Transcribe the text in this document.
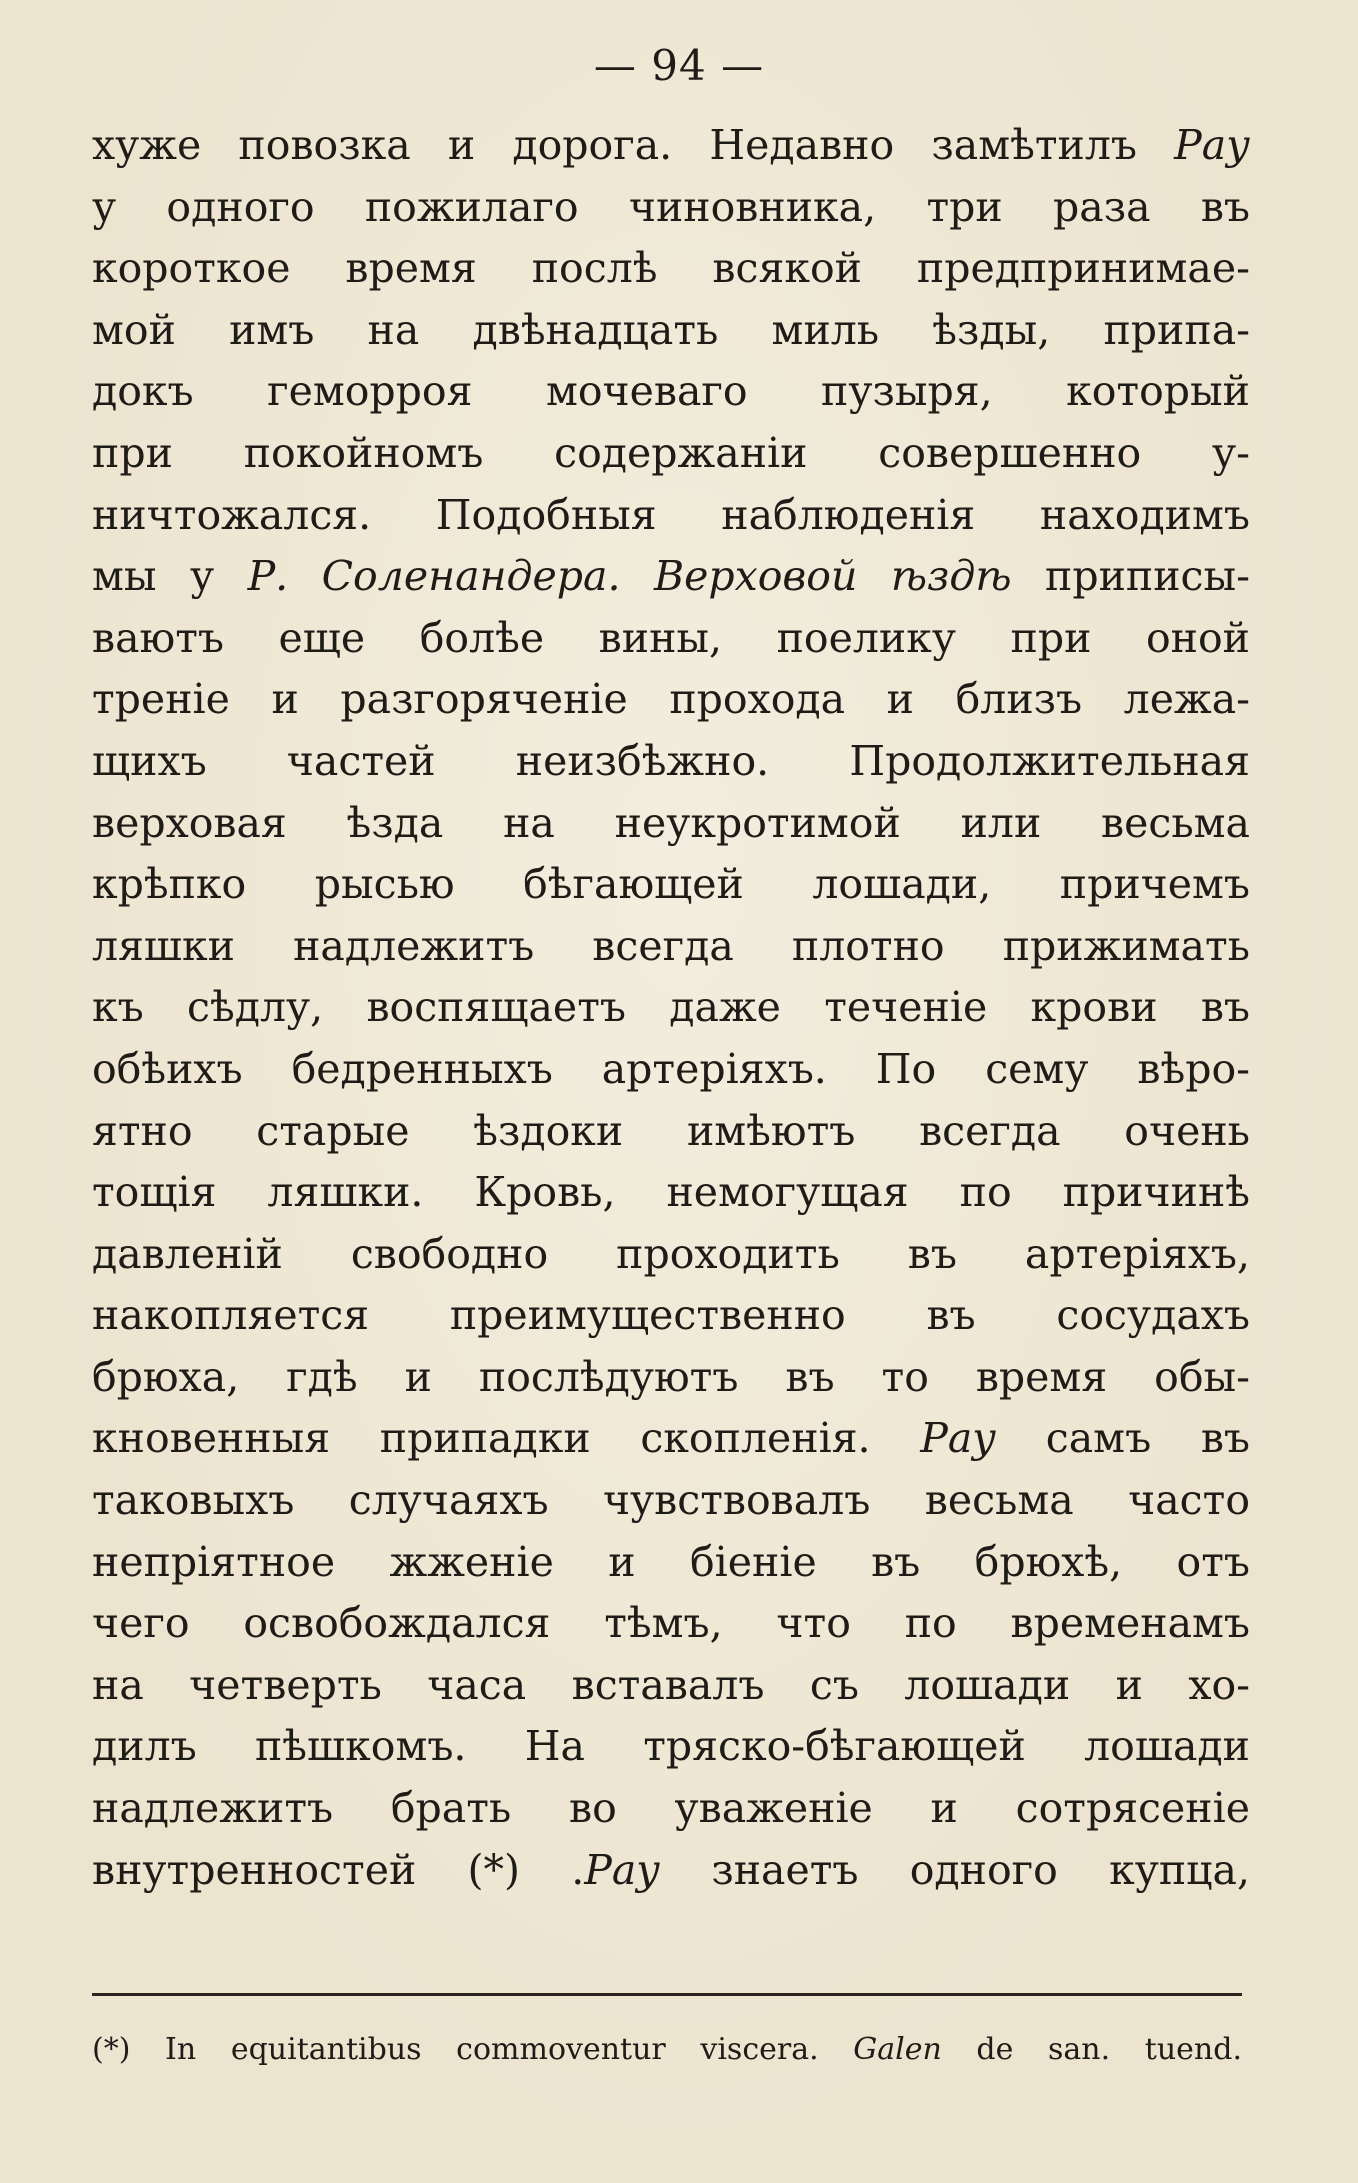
— 94 —
хуже повозка и дорога. Недавно замѣтилъ Рау
у одного пожилаго чиновника, три раза въ
короткое время послѣ всякой предпринимае-
мой имъ на двѣнадцать миль ѣзды, припа-
докъ геморроя мочеваго пузыря, который
при покойномъ содержаніи совершенно у-
ничтожался. Подобныя наблюденія находимъ
мы у Р. Соленандера. Верховой ѣздѣ приписы-
ваютъ еще болѣе вины, поелику при оной
треніе и разгоряченіе прохода и близъ лежа-
щихъ частей неизбѣжно. Продолжительная
верховая ѣзда на неукротимой или весьма
крѣпко рысью бѣгающей лошади, причемъ
ляшки надлежитъ всегда плотно прижимать
къ сѣдлу, воспящаетъ даже теченіе крови въ
обѣихъ бедренныхъ артеріяхъ. По сему вѣро-
ятно старые ѣздоки имѣютъ всегда очень
тощія ляшки. Кровь, немогущая по причинѣ
давленій свободно проходить въ артеріяхъ,
накопляется преимущественно въ сосудахъ
брюха, гдѣ и послѣдуютъ въ то время обы-
кновенныя припадки скопленія. Рау самъ въ
таковыхъ случаяхъ чувствовалъ весьма часто
непріятное жженіе и біеніе въ брюхѣ, отъ
чего освобождался тѣмъ, что по временамъ
на четверть часа вставалъ съ лошади и хо-
дилъ пѣшкомъ. На тряско-бѣгающей лошади
надлежитъ брать во уваженіе и сотрясеніе
внутренностей (*) .Рау знаетъ одного купца,
(*) In equitantibus commoventur viscera. Galen de san. tuend.
